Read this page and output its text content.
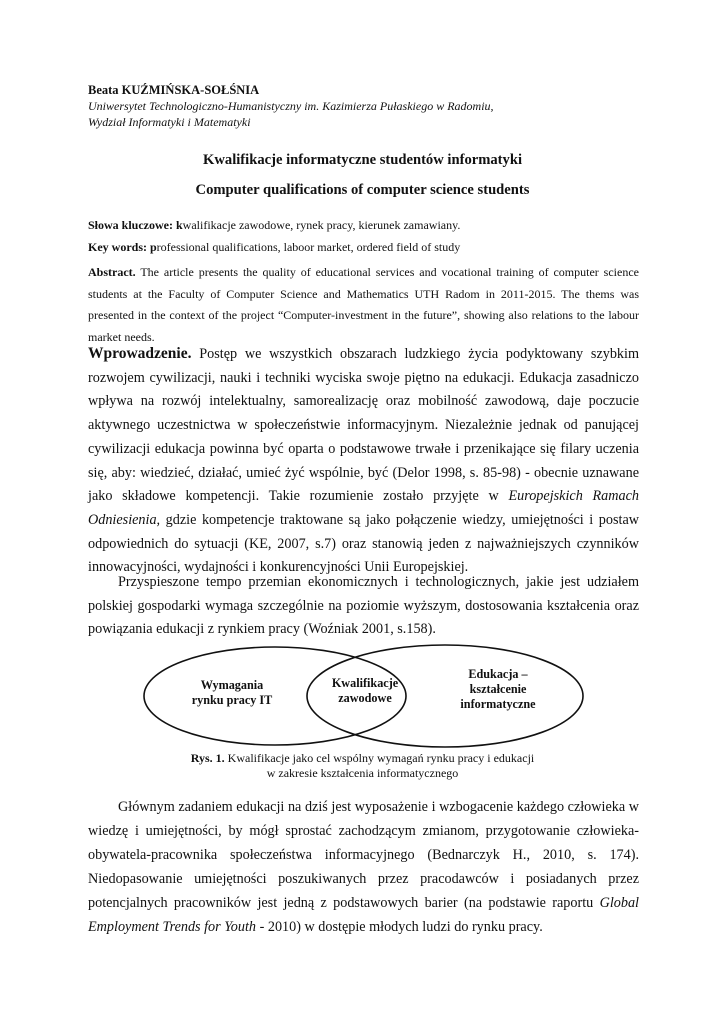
Beata KUŹMIŃSKA-SOŁŚNIA
Uniwersytet Technologiczno-Humanistyczny im. Kazimierza Pułaskiego w Radomiu,
Wydział Informatyki i Matematyki
Kwalifikacje informatyczne studentów informatyki
Computer qualifications of computer science students
Słowa kluczowe: kwalifikacje zawodowe, rynek pracy, kierunek zamawiany.
Key words: professional qualifications, laboor market, ordered field of study
Abstract. The article presents the quality of educational services and vocational training of computer science students at the Faculty of Computer Science and Mathematics UTH Radom in 2011-2015. The thems was presented in the context of the project “Computer-investment in the future”, showing also relations to the labour market needs.
Wprowadzenie. Postęp we wszystkich obszarach ludzkiego życia podyktowany szybkim rozwojem cywilizacji, nauki i techniki wyciska swoje piętno na edukacji. Edukacja zasadniczo wpływa na rozwój intelektualny, samorealizację oraz mobilność zawodową, daje poczucie aktywnego uczestnictwa w społeczeństwie informacyjnym. Niezależnie jednak od panującej cywilizacji edukacja powinna być oparta o podstawowe trwałe i przenikające się filary uczenia się, aby: wiedzieć, działać, umieć żyć wspólnie, być (Delor 1998, s. 85-98) - obecnie uznawane jako składowe kompetencji. Takie rozumienie zostało przyjęte w Europejskich Ramach Odniesienia, gdzie kompetencje traktowane są jako połączenie wiedzy, umiejętności i postaw odpowiednich do sytuacji (KE, 2007, s.7) oraz stanowią jeden z najważniejszych czynników innowacyjności, wydajności i konkurencyjności Unii Europejskiej.
Przyspieszone tempo przemian ekonomicznych i technologicznych, jakie jest udziałem polskiej gospodarki wymaga szczególnie na poziomie wyższym, dostosowania kształcenia oraz powiązania edukacji z rynkiem pracy (Woźniak 2001, s.158).
Wymagania
rynku pracy IT
Kwalifikacje
zawodowe
Edukacja –
kształcenie
informatyczne
Rys. 1. Kwalifikacje jako cel wspólny wymagań rynku pracy i edukacji
w zakresie kształcenia informatycznego
Głównym zadaniem edukacji na dziś jest wyposażenie i wzbogacenie każdego człowieka w wiedzę i umiejętności, by mógł sprostać zachodzącym zmianom, przygotowanie człowieka-obywatela-pracownika społeczeństwa informacyjnego (Bednarczyk H., 2010, s. 174). Niedopasowanie umiejętności poszukiwanych przez pracodawców i posiadanych przez potencjalnych pracowników jest jedną z podstawowych barier (na podstawie raportu Global Employment Trends for Youth - 2010) w dostępie młodych ludzi do rynku pracy.
